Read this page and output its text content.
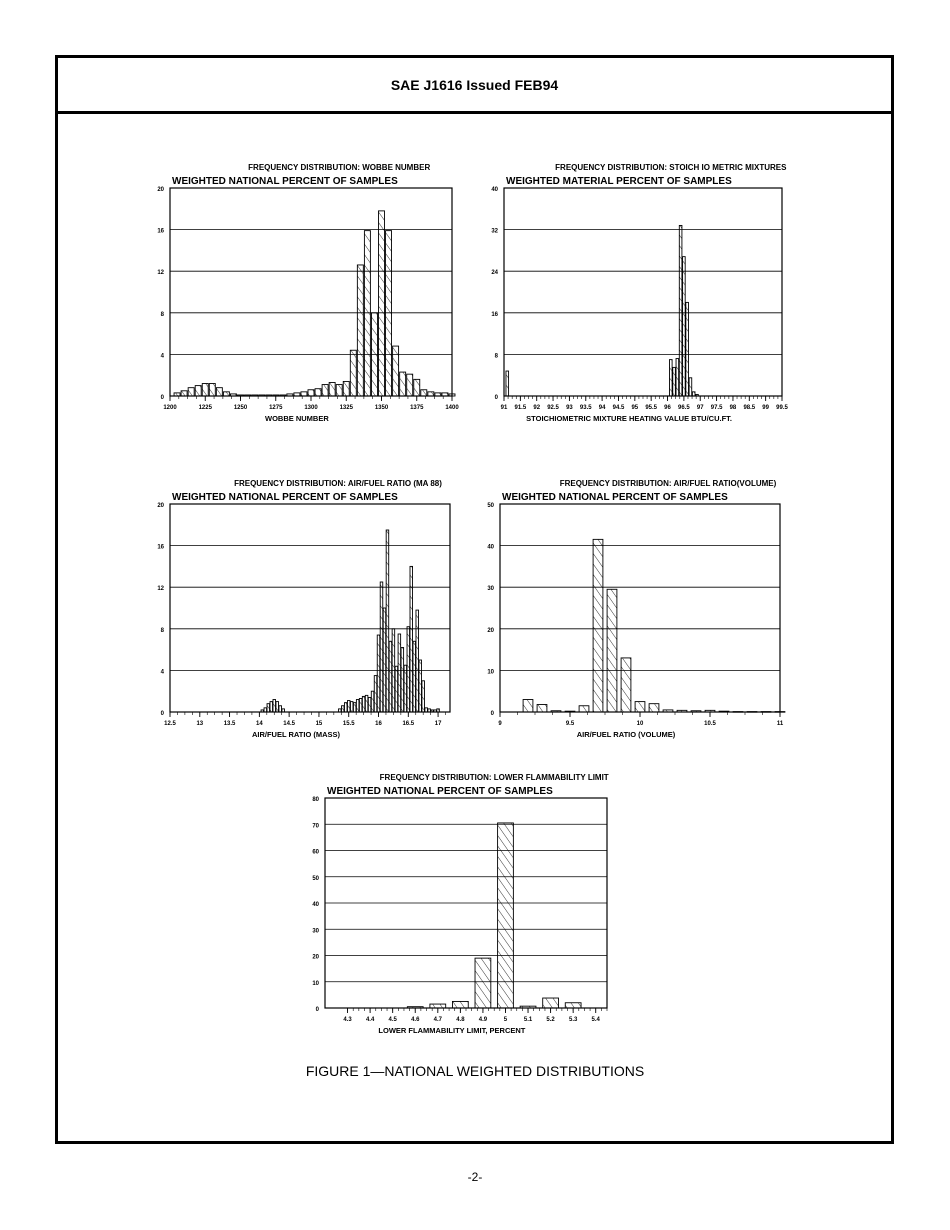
SAE J1616 Issued FEB94
FREQUENCY DISTRIBUTION: WOBBE NUMBER
WEIGHTED NATIONAL PERCENT OF SAMPLES
0
4
8
12
16
20
1200	1225	1250	1275	1300	1325	1350	1375	1400
WOBBE NUMBER
FREQUENCY DISTRIBUTION: STOICH IO METRIC MIXTURES
WEIGHTED MATERIAL PERCENT OF SAMPLES
0
8
16
24
32
40
91 91.5 92 92.5 93 93.5 94 94.5 95 95.5 96 96.5 97 97.5 98 98.5 99 99.5
STOICHIOMETRIC MIXTURE HEATING VALUE BTU/CU.FT.
FREQUENCY DISTRIBUTION: AIR/FUEL RATIO (MA 88)
WEIGHTED NATIONAL PERCENT OF SAMPLES
0
4
8
12
16
20
12.5	13	13.5	14	14.5	15	15.5	16	16.5	17
AIR/FUEL RATIO (MASS)
FREQUENCY DISTRIBUTION: AIR/FUEL RATIO(VOLUME)
WEIGHTED NATIONAL PERCENT OF SAMPLES
0
10
20
30
40
50
9	9.5	10	10.5	11
AIR/FUEL RATIO (VOLUME)
FREQUENCY DISTRIBUTION: LOWER FLAMMABILITY LIMIT
WEIGHTED NATIONAL PERCENT OF SAMPLES
0
10
20
30
40
50
60
70
80
4.3 4.4 4.5 4.6 4.7 4.8 4.9	5	5.1 5.2 5.3 5.4
LOWER FLAMMABILITY LIMIT, PERCENT
FIGURE 1—NATIONAL WEIGHTED DISTRIBUTIONS
-2-
